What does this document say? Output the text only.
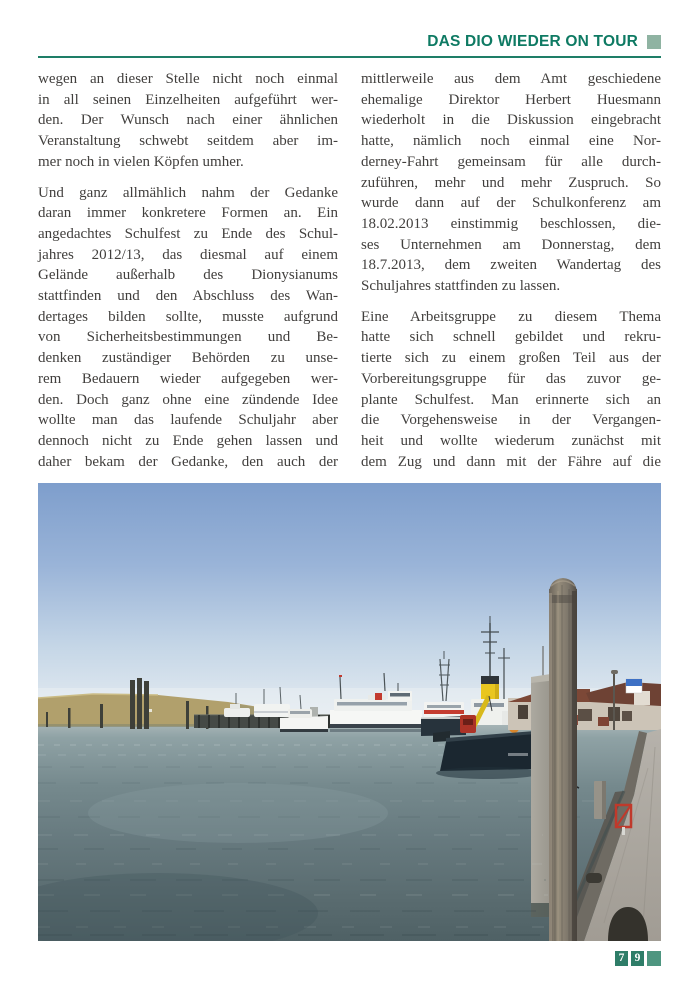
DAS DIO WIEDER ON TOUR
wegen an dieser Stelle nicht noch einmal
in all seinen Einzelheiten aufgeführt wer-
den. Der Wunsch nach einer ähnlichen
Veranstaltung schwebt seitdem aber im-
mer noch in vielen Köpfen umher.
Und ganz allmählich nahm der Gedanke
daran immer konkretere Formen an. Ein
angedachtes Schulfest zu Ende des Schul-
jahres 2012/13, das diesmal auf einem
Gelände außerhalb des Dionysianums
stattfinden und den Abschluss des Wan-
dertages bilden sollte, musste aufgrund
von Sicherheitsbestimmungen und Be-
denken zuständiger Behörden zu unse-
rem Bedauern wieder aufgegeben wer-
den. Doch ganz ohne eine zündende Idee
wollte man das laufende Schuljahr aber
dennoch nicht zu Ende gehen lassen und
daher bekam der Gedanke, den auch der
mittlerweile aus dem Amt geschiedene
ehemalige Direktor Herbert Huesmann
wiederholt in die Diskussion eingebracht
hatte, nämlich noch einmal eine Nor-
derney-Fahrt gemeinsam für alle durch-
zuführen, mehr und mehr Zuspruch. So
wurde dann auf der Schulkonferenz am
18.02.2013 einstimmig beschlossen, die-
ses Unternehmen am Donnerstag, dem
18.7.2013, dem zweiten Wandertag des
Schuljahres stattfinden zu lassen.
Eine Arbeitsgruppe zu diesem Thema
hatte sich schnell gebildet und rekru-
tierte sich zu einem großen Teil aus der
Vorbereitungsgruppe für das zuvor ge-
plante Schulfest. Man erinnerte sich an
die Vorgehensweise in der Vergangen-
heit und wollte wiederum zunächst mit
dem Zug und dann mit der Fähre auf die
7 9
